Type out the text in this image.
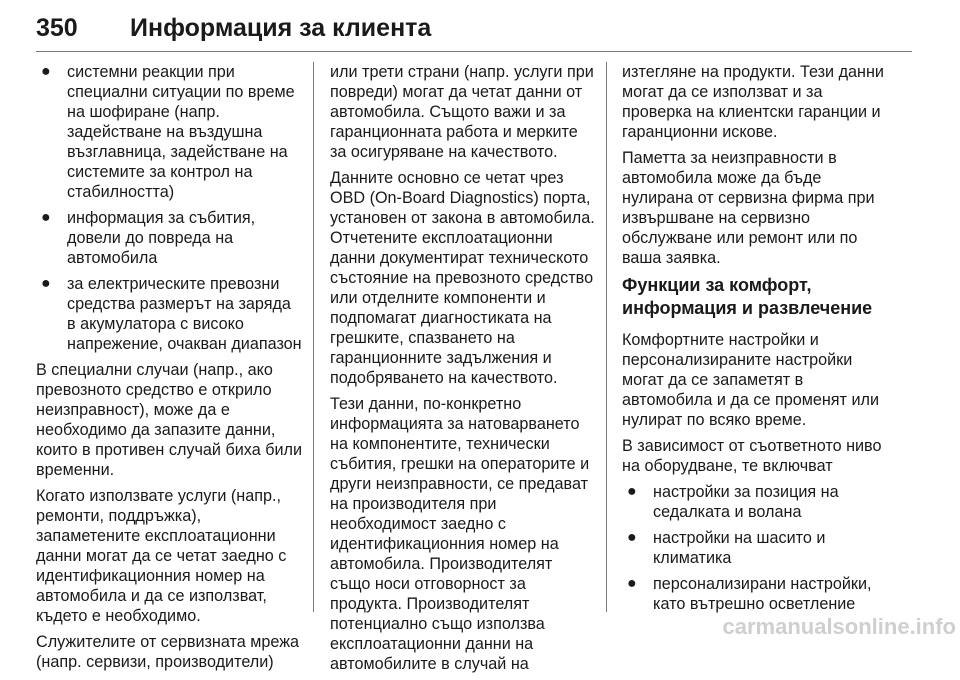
350 Информация за клиента
● системни реакции при специални ситуации по време на шофиране (напр. задействане на въздушна възглавница, задействане на системите за контрол на стабилността)
● информация за събития, довели до повреда на автомобила
● за електрическите превозни средства размерът на заряда в акумулатора с високо напрежение, очакван диапазон

В специални случаи (напр., ако превозното средство е открило неизправност), може да е необходимо да запазите данни, които в противен случай биха били временни.

Когато използвате услуги (напр., ремонти, поддръжка), запаметените експлоатационни данни могат да се четат заедно с идентификационния номер на автомобила и да се използват, където е необходимо.

Служителите от сервизната мрежа (напр. сервизи, производители)

или трети страни (напр. услуги при повреди) могат да четат данни от автомобила. Същото важи и за гаранционната работа и мерките за осигуряване на качеството.

Данните основно се четат чрез OBD (On-Board Diagnostics) порта, установен от закона в автомобила. Отчетените експлоатационни данни документират техническото състояние на превозното средство или отделните компоненти и подпомагат диагностиката на грешките, спазването на гаранционните задължения и подобряването на качеството.

Тези данни, по-конкретно информацията за натоварването на компонентите, технически събития, грешки на операторите и други неизправности, се предават на производителя при необходимост заедно с идентификационния номер на автомобила. Производителят също носи отговорност за продукта. Производителят потенциално също използва експлоатационни данни на автомобилите в случай на

изтегляне на продукти. Тези данни могат да се използват и за проверка на клиентски гаранции и гаранционни искове.

Паметта за неизправности в автомобила може да бъде нулирана от сервизна фирма при извършване на сервизно обслужване или ремонт или по ваша заявка.

Функции за комфорт, информация и развлечение

Комфортните настройки и персонализираните настройки могат да се запаметят в автомобила и да се променят или нулират по всяко време.

В зависимост от съответното ниво на оборудване, те включват

● настройки за позиция на седалката и волана
● настройки на шасито и климатика
● персонализирани настройки, като вътрешно осветление
carmanualsonline.info
